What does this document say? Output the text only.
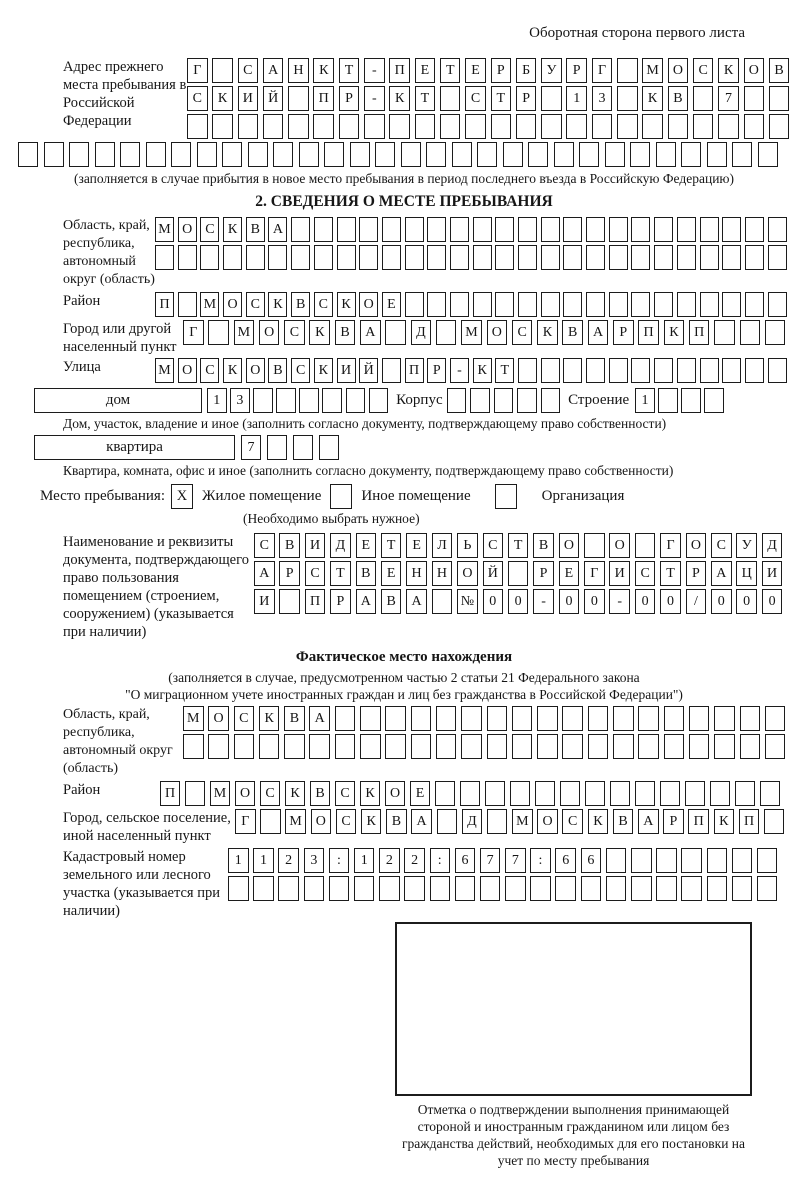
Оборотная сторона первого листа
Адрес прежнего места пребывания в Российской Федерации
Г	С	А	Н	К	Т	-	П	Е	Т	Е	Р	Б	У	Р	Г	М	О	С	К	О	В
С	К	И	Й	П	Р	-	К	Т	С	Т	Р	1	3	К	В	7
(заполняется в случае прибытия в новое место пребывания в период последнего въезда в Российскую Федерацию)
2. СВЕДЕНИЯ О МЕСТЕ ПРЕБЫВАНИЯ
Область, край, республика, автономный округ (область)
М О С К В А
Район	П	М О С К В С К О Е
Город или другой населенный пункт
Г	М	О	С	К	В	А	Д	М	О	С	К	В	А	Р	П	К	П
Улица	М О С К О В С К И Й	П Р	-	К Т
дом	1	3	Корпус	Строение 1
Дом, участок, владение и иное (заполнить согласно документу, подтверждающему право собственности)
квартира	7
Квартира, комната, офис и иное (заполнить согласно документу, подтверждающему право собственности)
Место пребывания: X Жилое помещение	Иное помещение	Организация
(Необходимо выбрать нужное)
Наименование и реквизиты документа, подтверждающего право пользования помещением (строением, сооружением) (указывается при наличии)
С	В	И	Д	Е	Т	Е	Л	Ь	С	Т	В	О	О	Г	О	С	У	Д
А	Р	С	Т	В	Е	Н	Н	О	Й	Р	Е	Г	И	С	Т	Р	А	Ц	И
И	П	Р	А	В	А	№	0	0	-	0	0	-	0	0	/	0	0	0
Фактическое место нахождения
(заполняется в случае, предусмотренном частью 2 статьи 21 Федерального закона
"О миграционном учете иностранных граждан и лиц без гражданства в Российской Федерации")
Область, край, республика, автономный округ (область)
М	О	С	К	В	А
Район	П	М О	С	К	В	С	К	О	Е
Город, сельское поселение, иной населенный пункт
Г	М О	С	К	В	А	Д	М О	С	К	В	А	Р	П	К	П
Кадастровый номер земельного или лесного участка (указывается при наличии)
1	1	2	3	:	1	2	2	:	6	7	7	:	6	6
Отметка о подтверждении выполнения принимающей стороной и иностранным гражданином или лицом без гражданства действий, необходимых для его постановки на учет по месту пребывания
